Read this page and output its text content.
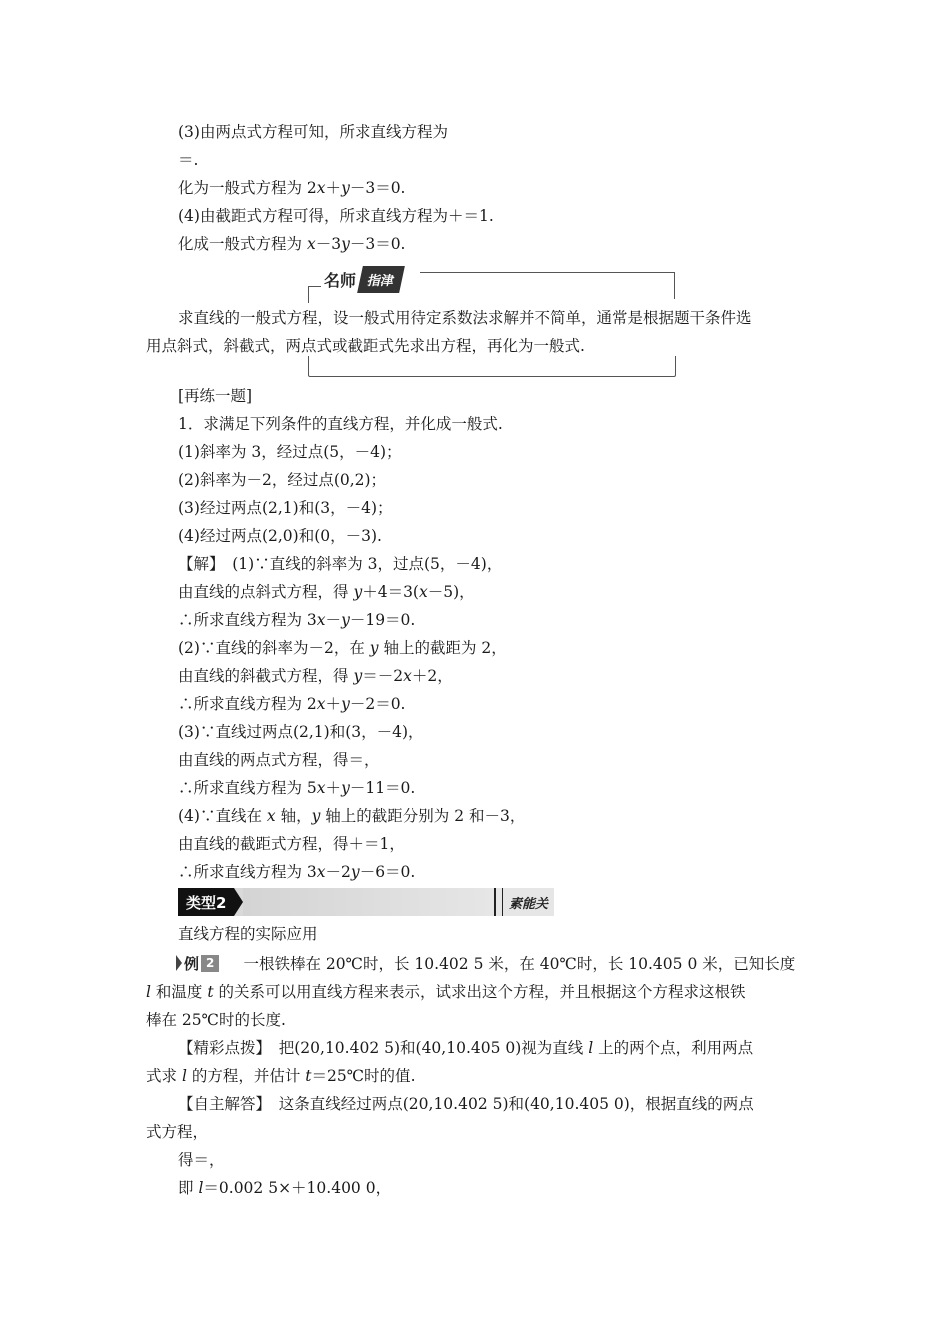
(3)由两点式方程可知，所求直线方程为
＝.
化为一般式方程为 2x＋y－3＝0.
(4)由截距式方程可得，所求直线方程为＋＝1.
化成一般式方程为 x－3y－3＝0.
名师 指津
求直线的一般式方程，设一般式用待定系数法求解并不简单，通常是根据题干条件选
用点斜式，斜截式，两点式或截距式先求出方程，再化为一般式.
[再练一题]
1．求满足下列条件的直线方程，并化成一般式.
(1)斜率为 3，经过点(5，－4)；
(2)斜率为－2，经过点(0,2)；
(3)经过两点(2,1)和(3，－4)；
(4)经过两点(2,0)和(0，－3).
【解】　(1)∵直线的斜率为 3，过点(5，－4)，
由直线的点斜式方程，得 y＋4＝3(x－5)，
∴所求直线方程为 3x－y－19＝0.
(2)∵直线的斜率为－2，在 y 轴上的截距为 2，
由直线的斜截式方程，得 y＝－2x＋2，
∴所求直线方程为 2x＋y－2＝0.
(3)∵直线过两点(2,1)和(3，－4)，
由直线的两点式方程，得＝，
∴所求直线方程为 5x＋y－11＝0.
(4)∵直线在 x 轴，y 轴上的截距分别为 2 和－3，
由直线的截距式方程，得＋＝1，
∴所求直线方程为 3x－2y－6＝0.
类型2	素能关
直线方程的实际应用
例 2 　一根铁棒在 20℃时，长 10.402 5 米，在 40℃时，长 10.405 0 米，已知长度
l 和温度 t 的关系可以用直线方程来表示，试求出这个方程，并且根据这个方程求这根铁
棒在 25℃时的长度.
【精彩点拨】　把(20,10.402 5)和(40,10.405 0)视为直线 l 上的两个点，利用两点
式求 l 的方程，并估计 t＝25℃时的值.
【自主解答】　这条直线经过两点(20,10.402 5)和(40,10.405 0)，根据直线的两点
式方程，
得＝，
即 l＝0.002 5×＋10.400 0，
